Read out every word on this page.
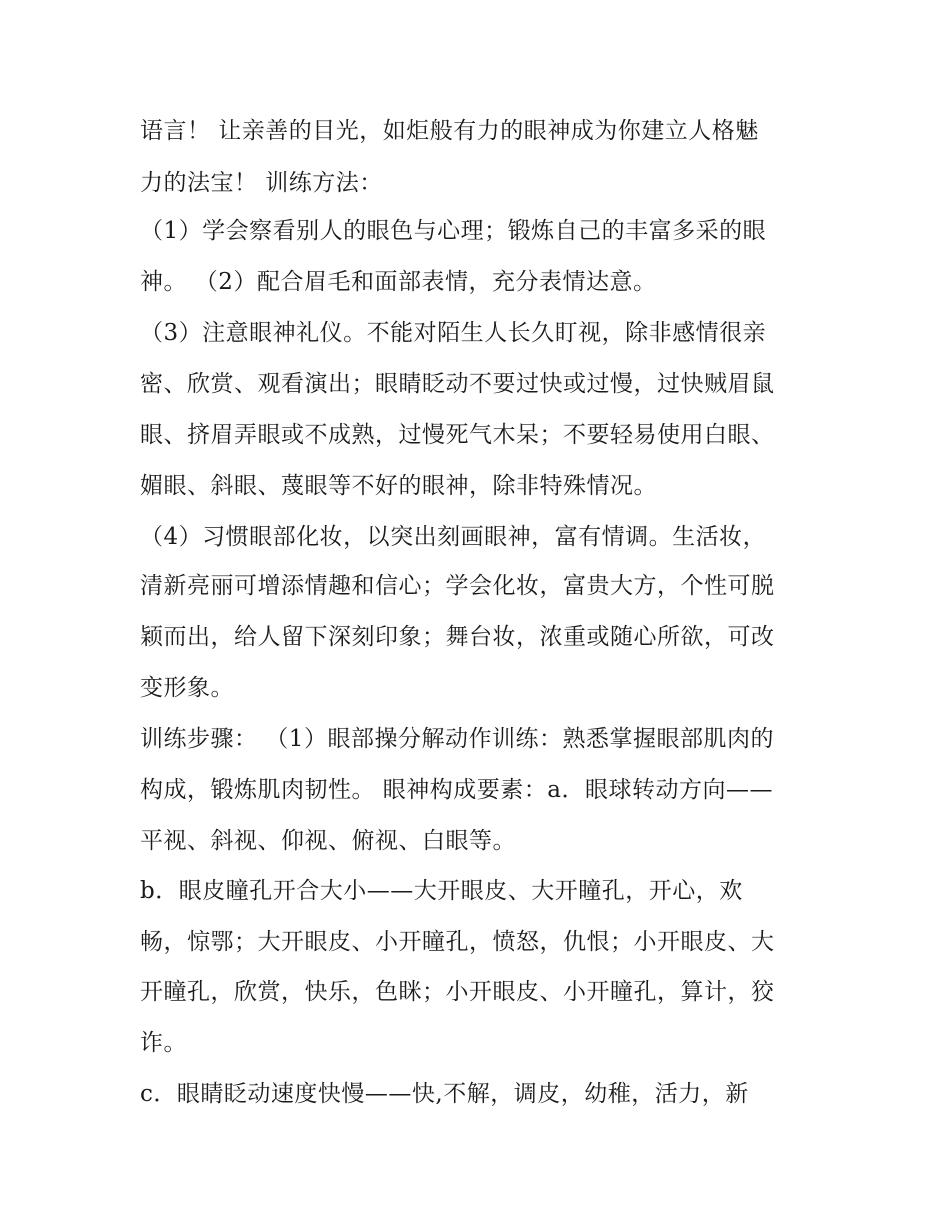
语言！ 让亲善的目光，如炬般有力的眼神成为你建立人格魅
力的法宝！ 训练方法：
（1）学会察看别人的眼色与心理；锻炼自己的丰富多采的眼
神。 （2）配合眉毛和面部表情，充分表情达意。
（3）注意眼神礼仪。不能对陌生人长久盯视，除非感情很亲
密、欣赏、观看演出；眼睛眨动不要过快或过慢，过快贼眉鼠
眼、挤眉弄眼或不成熟，过慢死气木呆；不要轻易使用白眼、
媚眼、斜眼、蔑眼等不好的眼神，除非特殊情况。
（4）习惯眼部化妆，以突出刻画眼神，富有情调。生活妆，
清新亮丽可增添情趣和信心；学会化妆，富贵大方，个性可脱
颖而出，给人留下深刻印象；舞台妆，浓重或随心所欲，可改
变形象。
训练步骤： （1）眼部操分解动作训练：熟悉掌握眼部肌肉的
构成，锻炼肌肉韧性。 眼神构成要素：a．眼球转动方向——
平视、斜视、仰视、俯视、白眼等。
b．眼皮瞳孔开合大小——大开眼皮、大开瞳孔，开心，欢
畅，惊鄂；大开眼皮、小开瞳孔，愤怒，仇恨；小开眼皮、大
开瞳孔，欣赏，快乐，色眯；小开眼皮、小开瞳孔，算计，狡
诈。
c．眼睛眨动速度快慢——快,不解，调皮，幼稚，活力，新
